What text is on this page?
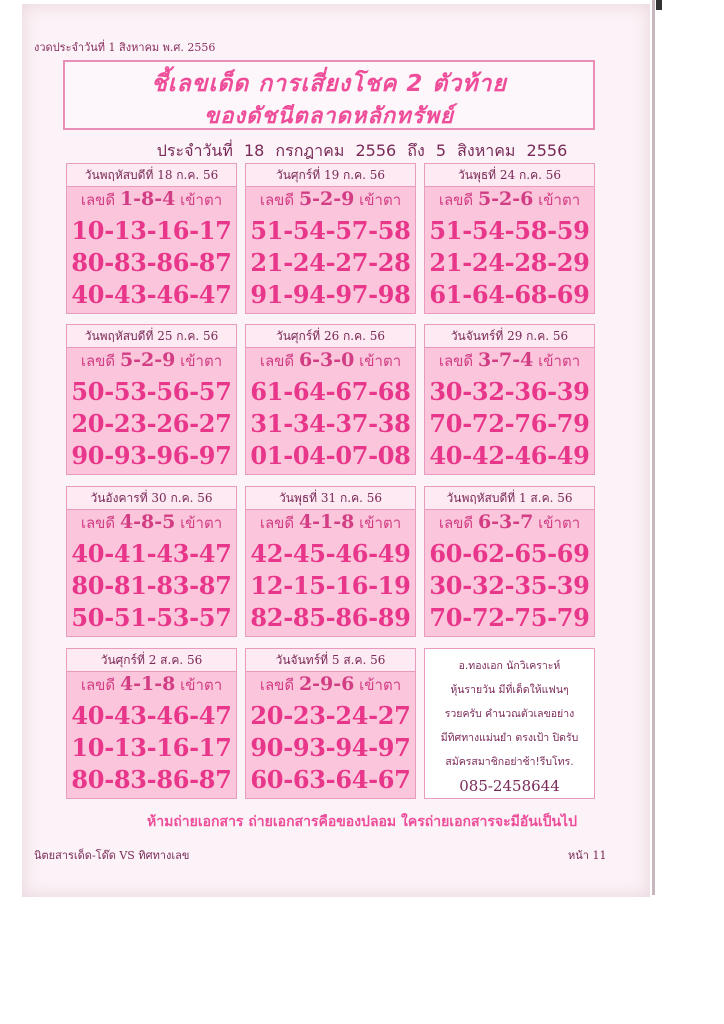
งวดประจำวันที่ 1 สิงหาคม พ.ศ. 2556
ชี้เลขเด็ด การเสี่ยงโชค 2 ตัวท้าย
ของดัชนีตลาดหลักทรัพย์
ประจำวันที่ 18 กรกฎาคม 2556 ถึง 5 สิงหาคม 2556
วันพฤหัสบดีที่ 18 ก.ค. 56
เลขดี 1-8-4 เข้าตา
10-13-16-17
80-83-86-87
40-43-46-47
วันศุกร์ที่ 19 ก.ค. 56
เลขดี 5-2-9 เข้าตา
51-54-57-58
21-24-27-28
91-94-97-98
วันพุธที่ 24 ก.ค. 56
เลขดี 5-2-6 เข้าตา
51-54-58-59
21-24-28-29
61-64-68-69
วันพฤหัสบดีที่ 25 ก.ค. 56
เลขดี 5-2-9 เข้าตา
50-53-56-57
20-23-26-27
90-93-96-97
วันศุกร์ที่ 26 ก.ค. 56
เลขดี 6-3-0 เข้าตา
61-64-67-68
31-34-37-38
01-04-07-08
วันจันทร์ที่ 29 ก.ค. 56
เลขดี 3-7-4 เข้าตา
30-32-36-39
70-72-76-79
40-42-46-49
วันอังคารที่ 30 ก.ค. 56
เลขดี 4-8-5 เข้าตา
40-41-43-47
80-81-83-87
50-51-53-57
วันพุธที่ 31 ก.ค. 56
เลขดี 4-1-8 เข้าตา
42-45-46-49
12-15-16-19
82-85-86-89
วันพฤหัสบดีที่ 1 ส.ค. 56
เลขดี 6-3-7 เข้าตา
60-62-65-69
30-32-35-39
70-72-75-79
วันศุกร์ที่ 2 ส.ค. 56
เลขดี 4-1-8 เข้าตา
40-43-46-47
10-13-16-17
80-83-86-87
วันจันทร์ที่ 5 ส.ค. 56
เลขดี 2-9-6 เข้าตา
20-23-24-27
90-93-94-97
60-63-64-67
อ.ทองเอก นักวิเคราะห์
หุ้นรายวัน มีที่เด็ดให้แฟนๆ
รวยครับ คำนวณตัวเลขอย่าง
มีทิศทางแม่นยำ ตรงเป้า ปิดรับ
สมัครสมาชิกอย่าช้า!รีบโทร.
085-2458644
ห้ามถ่ายเอกสาร ถ่ายเอกสารคือของปลอม ใครถ่ายเอกสารจะมีอันเป็นไป
นิตยสารเด็ด-โด๊ด VS ทิศทางเลข	หน้า 11
